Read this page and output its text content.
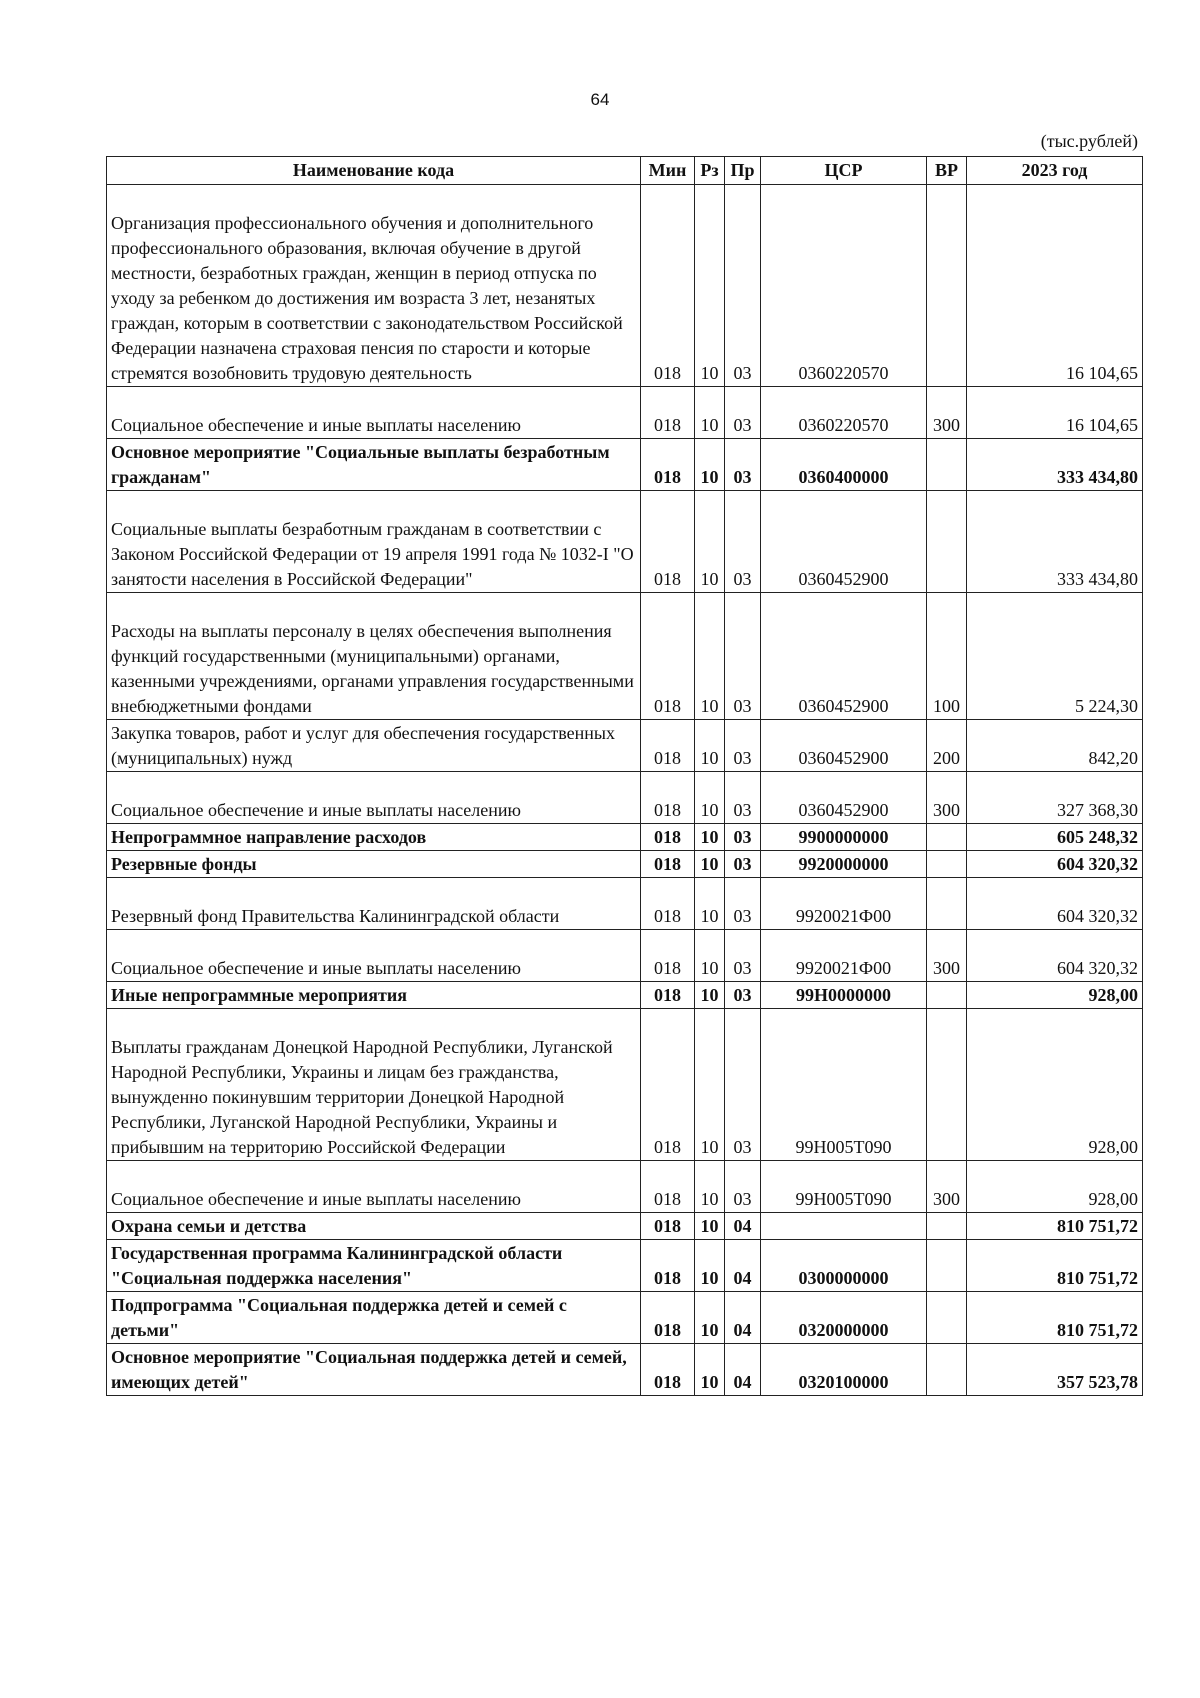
64
(тыс.рублей)
Наименование кода	Мин	Рз	Пр	ЦСР	ВР	2023 год
Организация профессионального обучения и дополнительного профессионального образования, включая обучение в другой местности, безработных граждан, женщин в период отпуска по уходу за ребенком до достижения им возраста 3 лет, незанятых граждан, которым в соответствии с законодательством Российской Федерации назначена страховая пенсия по старости и которые стремятся возобновить трудовую деятельность	018	10	03	0360220570		16 104,65
Социальное обеспечение и иные выплаты населению	018	10	03	0360220570	300	16 104,65
Основное мероприятие "Социальные выплаты безработным гражданам"	018	10	03	0360400000		333 434,80
Социальные выплаты безработным гражданам в соответствии с Законом Российской Федерации от 19 апреля 1991 года № 1032-I "О занятости населения в Российской Федерации"	018	10	03	0360452900		333 434,80
Расходы на выплаты персоналу в целях обеспечения выполнения функций государственными (муниципальными) органами, казенными учреждениями, органами управления государственными внебюджетными фондами	018	10	03	0360452900	100	5 224,30
Закупка товаров, работ и услуг для обеспечения государственных (муниципальных) нужд	018	10	03	0360452900	200	842,20
Социальное обеспечение и иные выплаты населению	018	10	03	0360452900	300	327 368,30
Непрограммное направление расходов	018	10	03	9900000000		605 248,32
Резервные фонды	018	10	03	9920000000		604 320,32
Резервный фонд Правительства Калининградской области	018	10	03	9920021Ф00		604 320,32
Социальное обеспечение и иные выплаты населению	018	10	03	9920021Ф00	300	604 320,32
Иные непрограммные мероприятия	018	10	03	99Н0000000		928,00
Выплаты гражданам Донецкой Народной Республики, Луганской Народной Республики, Украины и лицам без гражданства, вынужденно покинувшим территории Донецкой Народной Республики, Луганской Народной Республики, Украины и прибывшим на территорию Российской Федерации	018	10	03	99Н005Т090		928,00
Социальное обеспечение и иные выплаты населению	018	10	03	99Н005Т090	300	928,00
Охрана семьи и детства	018	10	04			810 751,72
Государственная программа Калининградской области "Социальная поддержка населения"	018	10	04	0300000000		810 751,72
Подпрограмма "Социальная поддержка детей и семей с детьми"	018	10	04	0320000000		810 751,72
Основное мероприятие "Социальная поддержка детей и семей, имеющих детей"	018	10	04	0320100000		357 523,78
